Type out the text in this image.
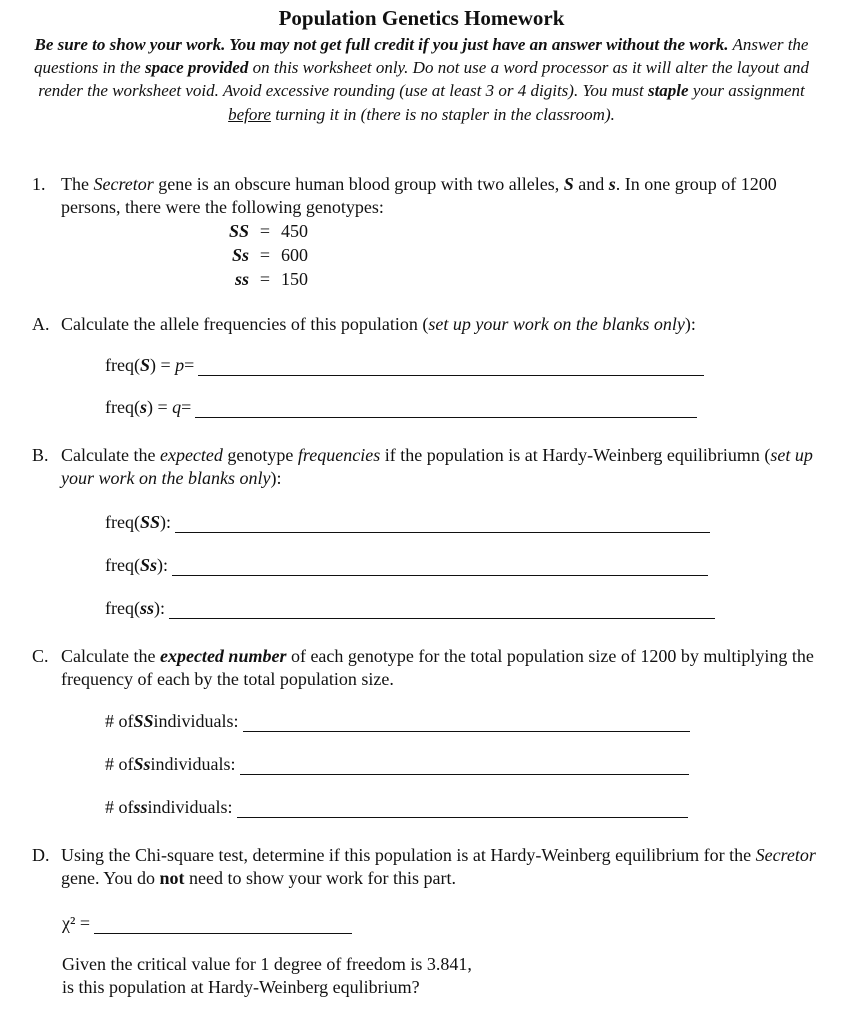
Population Genetics Homework
Be sure to show your work. You may not get full credit if you just have an answer without the work. Answer the questions in the space provided on this worksheet only. Do not use a word processor as it will alter the layout and render the worksheet void. Avoid excessive rounding (use at least 3 or 4 digits). You must staple your assignment before turning it in (there is no stapler in the classroom).
1. The Secretor gene is an obscure human blood group with two alleles, S and s. In one group of 1200 persons, there were the following genotypes:
SS = 450
Ss = 600
ss = 150
A. Calculate the allele frequencies of this population (set up your work on the blanks only):
freq( S ) =
p =
freq( s ) =
q =
B. Calculate the expected genotype frequencies if the population is at Hardy-Weinberg equilibriumn (set up your work on the blanks only):
freq( SS ):
freq( Ss ):
freq( ss ):
C. Calculate the expected number of each genotype for the total population size of 1200 by multiplying the frequency of each by the total population size.
# of SS individuals:
# of Ss individuals:
# of ss individuals:
D. Using the Chi-square test, determine if this population is at Hardy-Weinberg equilibrium for the Secretor gene. You do not need to show your work for this part.
χ² =
Given the critical value for 1 degree of freedom is 3.841,
is this population at Hardy-Weinberg equlibrium?
